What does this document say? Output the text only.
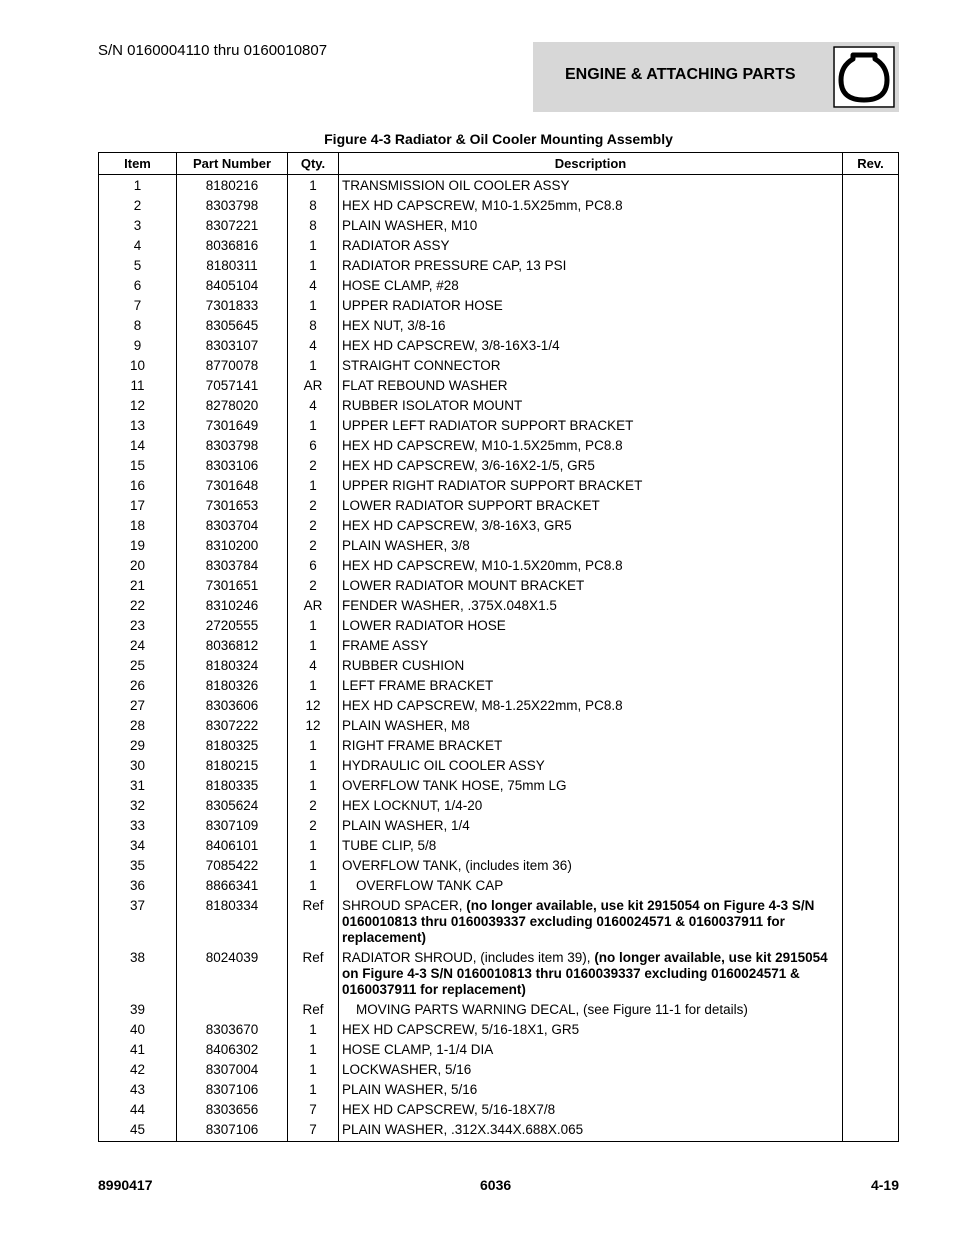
S/N 0160004110 thru 0160010807
ENGINE & ATTACHING PARTS
Figure 4-3 Radiator & Oil Cooler Mounting Assembly
Item	Part Number	Qty.	Description	Rev.
1	8180216	1	TRANSMISSION OIL COOLER ASSY	
2	8303798	8	HEX HD CAPSCREW, M10-1.5X25mm, PC8.8	
3	8307221	8	PLAIN WASHER, M10	
4	8036816	1	RADIATOR ASSY	
5	8180311	1	RADIATOR PRESSURE CAP, 13 PSI	
6	8405104	4	HOSE CLAMP, #28	
7	7301833	1	UPPER RADIATOR HOSE	
8	8305645	8	HEX NUT, 3/8-16	
9	8303107	4	HEX HD CAPSCREW, 3/8-16X3-1/4	
10	8770078	1	STRAIGHT CONNECTOR	
11	7057141	AR	FLAT REBOUND WASHER	
12	8278020	4	RUBBER ISOLATOR MOUNT	
13	7301649	1	UPPER LEFT RADIATOR SUPPORT BRACKET	
14	8303798	6	HEX HD CAPSCREW, M10-1.5X25mm, PC8.8	
15	8303106	2	HEX HD CAPSCREW, 3/6-16X2-1/5, GR5	
16	7301648	1	UPPER RIGHT RADIATOR SUPPORT BRACKET	
17	7301653	2	LOWER RADIATOR SUPPORT BRACKET	
18	8303704	2	HEX HD CAPSCREW, 3/8-16X3, GR5	
19	8310200	2	PLAIN WASHER, 3/8	
20	8303784	6	HEX HD CAPSCREW, M10-1.5X20mm, PC8.8	
21	7301651	2	LOWER RADIATOR MOUNT BRACKET	
22	8310246	AR	FENDER WASHER, .375X.048X1.5	
23	2720555	1	LOWER RADIATOR HOSE	
24	8036812	1	FRAME ASSY	
25	8180324	4	RUBBER CUSHION	
26	8180326	1	LEFT FRAME BRACKET	
27	8303606	12	HEX HD CAPSCREW, M8-1.25X22mm, PC8.8	
28	8307222	12	PLAIN WASHER, M8	
29	8180325	1	RIGHT FRAME BRACKET	
30	8180215	1	HYDRAULIC OIL COOLER ASSY	
31	8180335	1	OVERFLOW TANK HOSE, 75mm LG	
32	8305624	2	HEX LOCKNUT, 1/4-20	
33	8307109	2	PLAIN WASHER, 1/4	
34	8406101	1	TUBE CLIP, 5/8	
35	7085422	1	OVERFLOW TANK, (includes item 36)	
36	8866341	1	OVERFLOW TANK CAP	
37	8180334	Ref	SHROUD SPACER, (no longer available, use kit 2915054 on Figure 4-3 S/N 0160010813 thru 0160039337 excluding 0160024571 & 0160037911 for replacement)	
38	8024039	Ref	RADIATOR SHROUD, (includes item 39), (no longer available, use kit 2915054 on Figure 4-3 S/N 0160010813 thru 0160039337 excluding 0160024571 & 0160037911 for replacement)	
39		Ref	MOVING PARTS WARNING DECAL, (see Figure 11-1 for details)	
40	8303670	1	HEX HD CAPSCREW, 5/16-18X1, GR5	
41	8406302	1	HOSE CLAMP, 1-1/4 DIA	
42	8307004	1	LOCKWASHER, 5/16	
43	8307106	1	PLAIN WASHER, 5/16	
44	8303656	7	HEX HD CAPSCREW, 5/16-18X7/8	
45	8307106	7	PLAIN WASHER, .312X.344X.688X.065	
8990417	6036	4-19
